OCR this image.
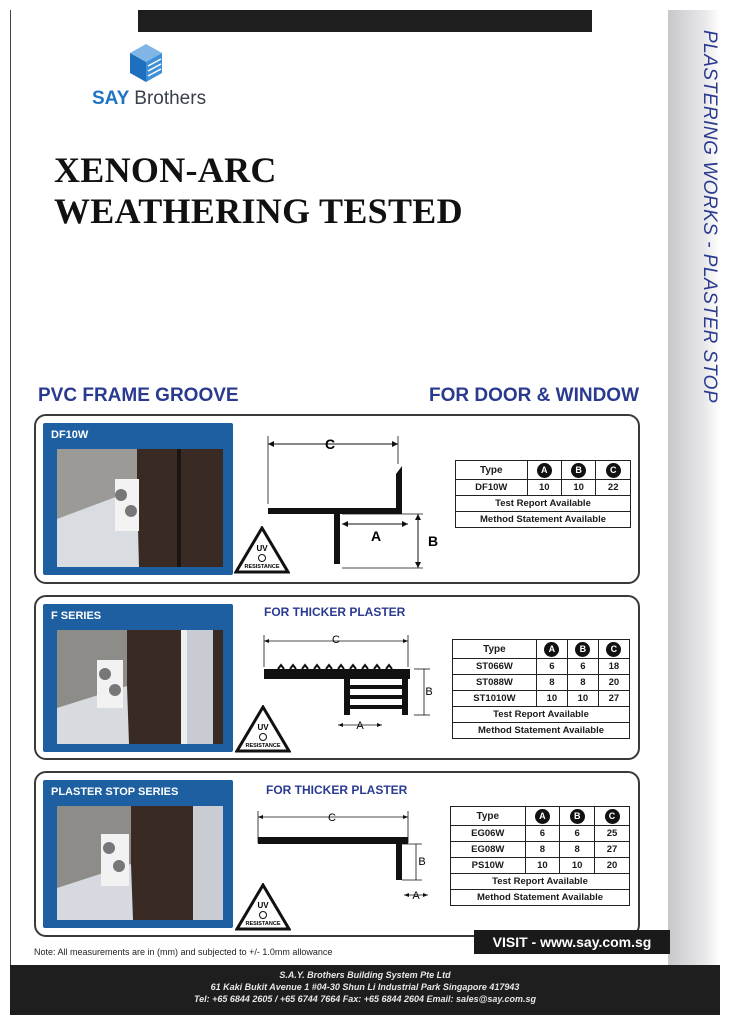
PLASTERING WORKS - PLASTER STOP
SAY Brothers
XENON-ARC
WEATHERING TESTED
PVC FRAME GROOVE	FOR DOOR & WINDOW
DF10W
C
A	B
UV
RESISTANCE
Type	A	B	C
DF10W	10	10	22
Test Report Available			
Method Statement Available			
F SERIES	FOR THICKER PLASTER
C
A
B
UV
RESISTANCE
Type	A	B	C
ST066W	6	6	18
ST088W	8	8	20
ST1010W	10	10	27
Test Report Available			
Method Statement Available			
PLASTER STOP SERIES	FOR THICKER PLASTER
C
B
A
UV
RESISTANCE
Type	A	B	C
EG06W	6	6	25
EG08W	8	8	27
PS10W	10	10	20
Test Report Available			
Method Statement Available			
Note: All measurements are in (mm) and subjected to +/- 1.0mm allowance
VISIT - www.say.com.sg
S.A.Y. Brothers Building System Pte Ltd
61 Kaki Bukit Avenue 1 #04-30 Shun Li Industrial Park Singapore 417943
Tel: +65 6844 2605 / +65 6744 7664 Fax: +65 6844 2604 Email: sales@say.com.sg
